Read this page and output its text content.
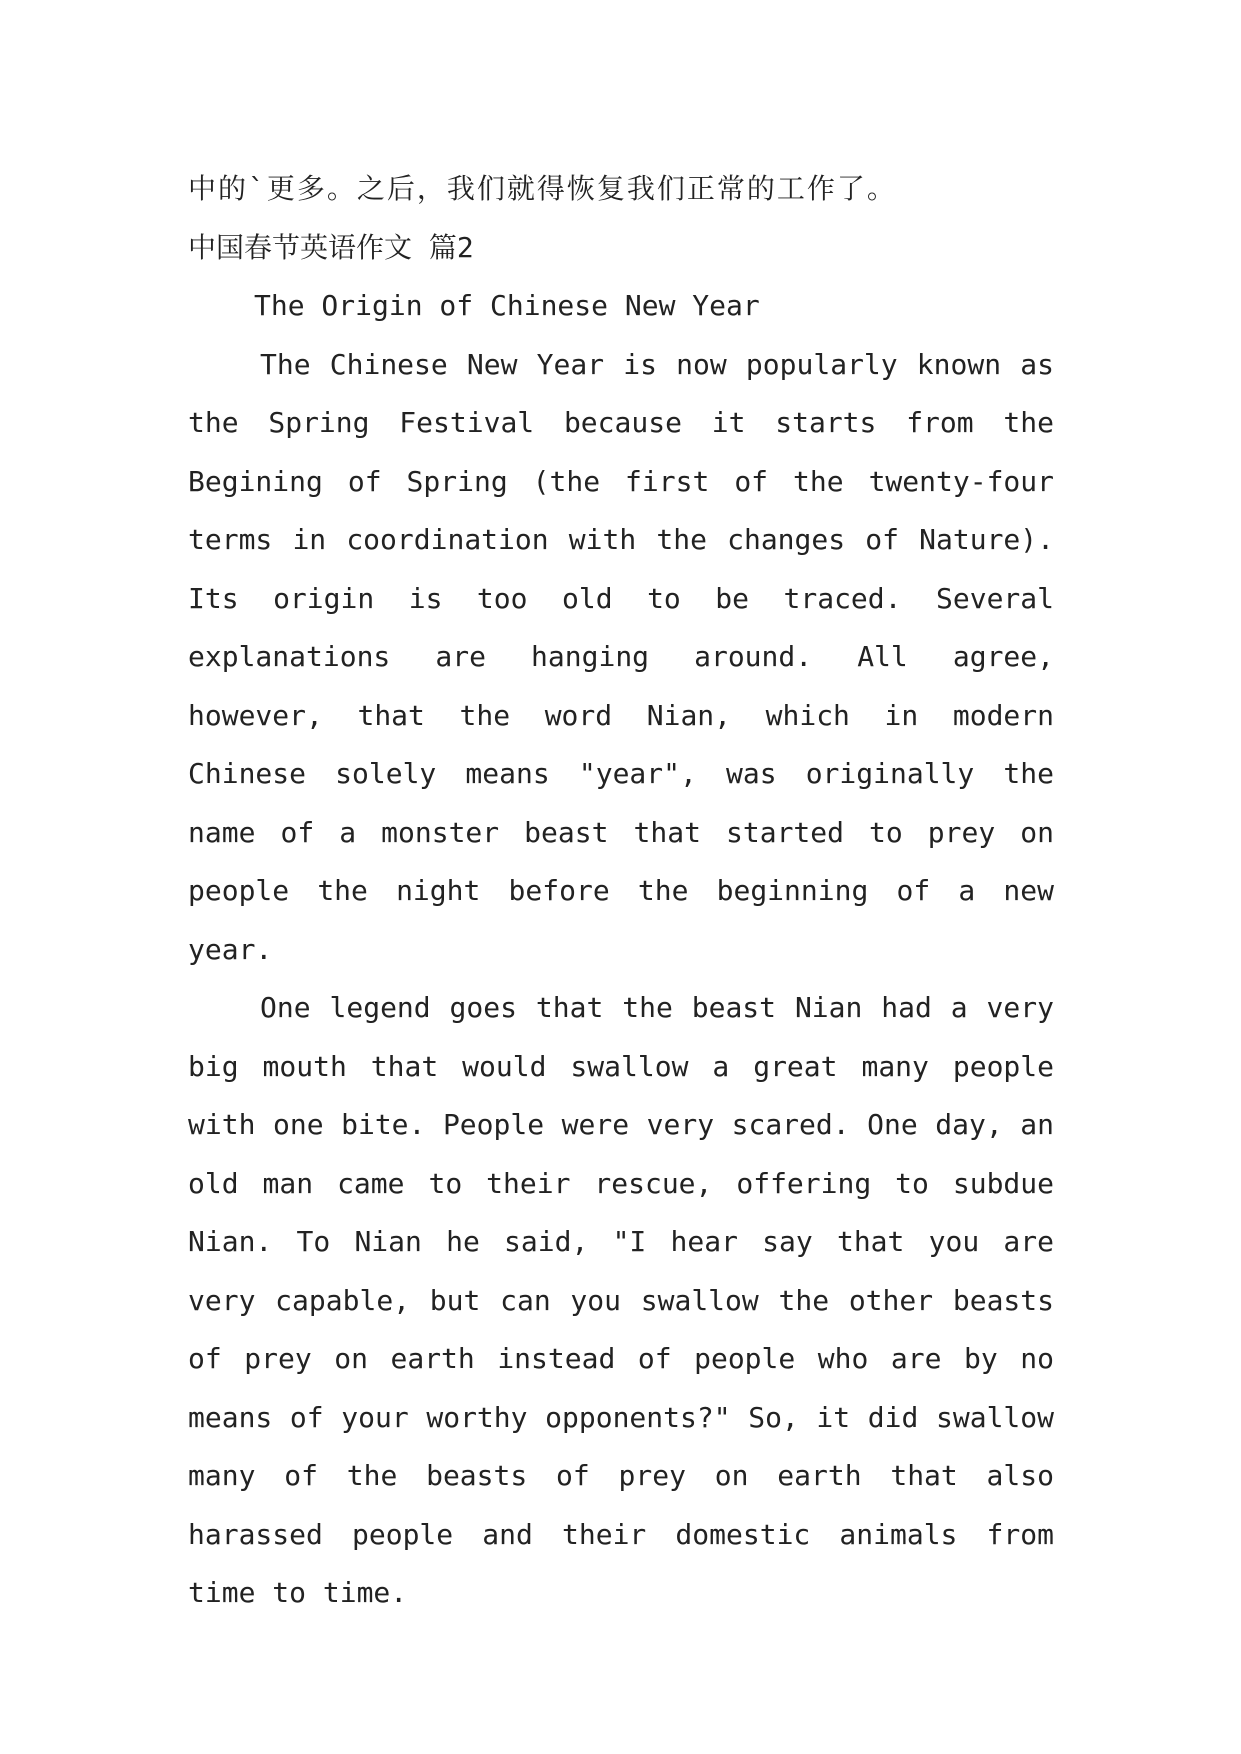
中的`更多。之后，我们就得恢复我们正常的工作了。

中国春节英语作文 篇2

The Origin of Chinese New Year

The Chinese New Year is now popularly known as the Spring Festival because it starts from the Begining of Spring (the first of the twenty-four terms in coordination with the changes of Nature). Its origin is too old to be traced. Several explanations are hanging around. All agree, however, that the word Nian, which in modern Chinese solely means "year", was originally the name of a monster beast that started to prey on people the night before the beginning of a new year.

One legend goes that the beast Nian had a very big mouth that would swallow a great many people with one bite. People were very scared. One day, an old man came to their rescue, offering to subdue Nian. To Nian he said, "I hear say that you are very capable, but can you swallow the other beasts of prey on earth instead of people who are by no means of your worthy opponents?" So, it did swallow many of the beasts of prey on earth that also harassed people and their domestic animals from time to time.
